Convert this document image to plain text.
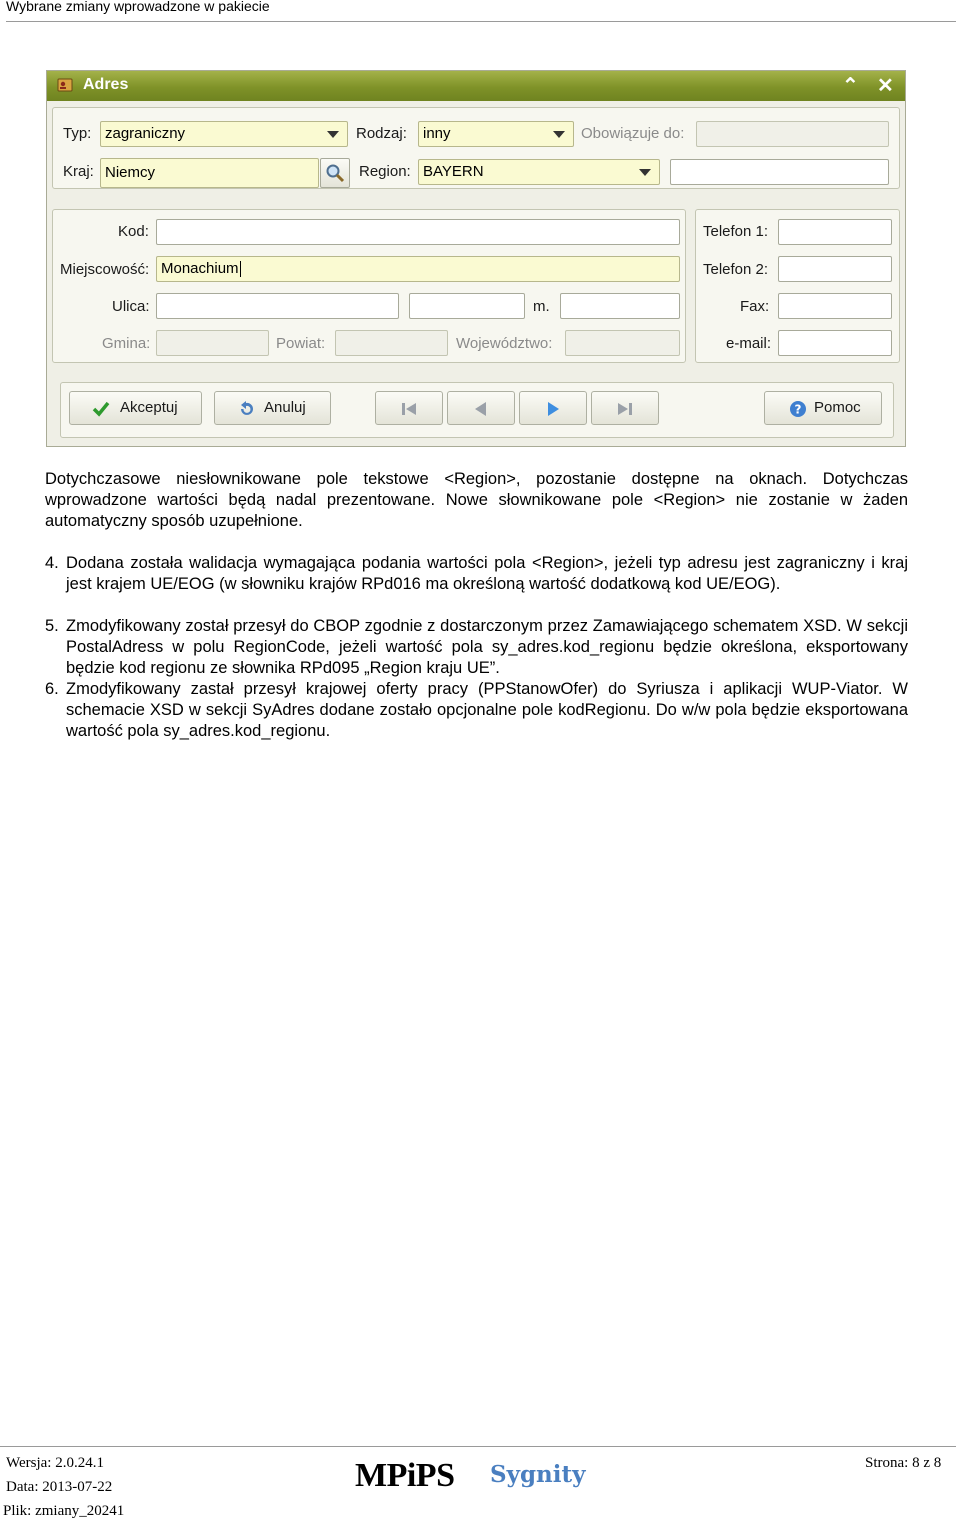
Wybrane zmiany wprowadzone w pakiecie
Adres	⌃ ✕
Typ: zagraniczny	Rodzaj:	inny	Obowiązuje do:
Kraj: Niemcy	Region: BAYERN
Kod:
Miejscowość: Monachium
Ulica:	m.
Gmina:	Powiat:	Województwo:
Telefon 1:
Telefon 2:
Fax:
e-mail:
Akceptuj	Anuluj	? Pomoc
Dotychczasowe niesłownikowane pole tekstowe <Region>, pozostanie dostępne na oknach. Dotychczas wprowadzone wartości będą nadal prezentowane. Nowe słownikowane pole <Region> nie zostanie w żaden automatyczny sposób uzupełnione.
4. Dodana została walidacja wymagająca podania wartości pola <Region>, jeżeli typ adresu jest zagraniczny i kraj jest krajem UE/EOG (w słowniku krajów RPd016 ma określoną wartość dodatkową kod UE/EOG).
5. Zmodyfikowany został przesył do CBOP zgodnie z dostarczonym przez Zamawiającego schematem XSD. W sekcji PostalAdress w polu RegionCode, jeżeli wartość pola sy_adres.kod_regionu będzie określona, eksportowany będzie kod regionu ze słownika RPd095 „Region kraju UE”.
6. Zmodyfikowany zastał przesył krajowej oferty pracy (PPStanowOfer) do Syriusza i aplikacji WUP-Viator. W schemacie XSD w sekcji SyAdres dodane zostało opcjonalne pole kodRegionu. Do w/w pola będzie eksportowana wartość pola sy_adres.kod_regionu.
Wersja: 2.0.24.1
Data: 2013-07-22
Plik: zmiany_20241
MPiPS Sygnity	Strona: 8 z 8
